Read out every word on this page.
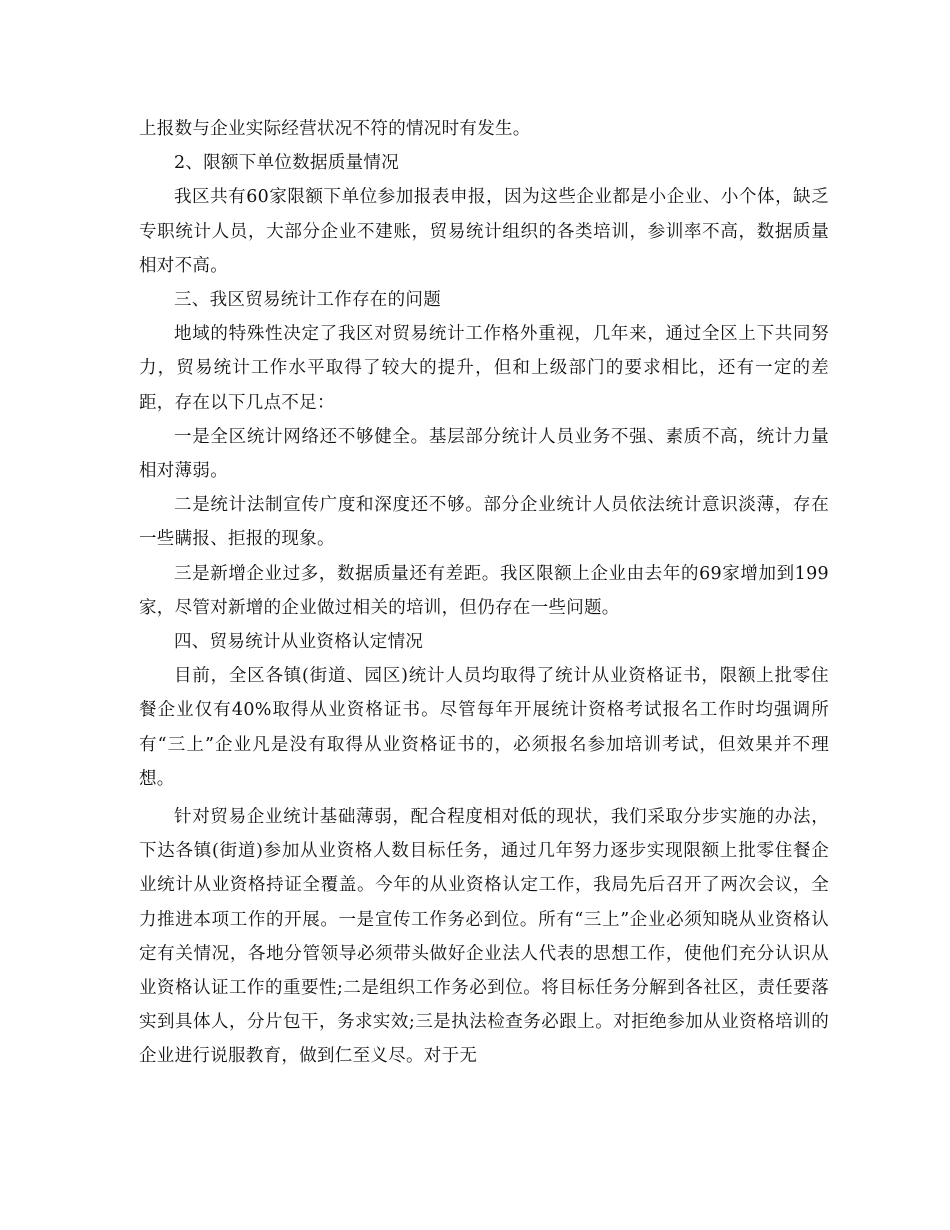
上报数与企业实际经营状况不符的情况时有发生。

2、限额下单位数据质量情况

我区共有60家限额下单位参加报表申报，因为这些企业都是小企业、小个体，缺乏专职统计人员，大部分企业不建账，贸易统计组织的各类培训，参训率不高，数据质量相对不高。

三、我区贸易统计工作存在的问题

地域的特殊性决定了我区对贸易统计工作格外重视，几年来，通过全区上下共同努力，贸易统计工作水平取得了较大的提升，但和上级部门的要求相比，还有一定的差距，存在以下几点不足：

一是全区统计网络还不够健全。基层部分统计人员业务不强、素质不高，统计力量相对薄弱。

二是统计法制宣传广度和深度还不够。部分企业统计人员依法统计意识淡薄，存在一些瞒报、拒报的现象。

三是新增企业过多，数据质量还有差距。我区限额上企业由去年的69家增加到199家，尽管对新增的企业做过相关的培训，但仍存在一些问题。

四、贸易统计从业资格认定情况

目前，全区各镇(街道、园区)统计人员均取得了统计从业资格证书，限额上批零住餐企业仅有40%取得从业资格证书。尽管每年开展统计资格考试报名工作时均强调所有“三上”企业凡是没有取得从业资格证书的，必须报名参加培训考试，但效果并不理想。

针对贸易企业统计基础薄弱，配合程度相对低的现状，我们采取分步实施的办法，下达各镇(街道)参加从业资格人数目标任务，通过几年努力逐步实现限额上批零住餐企业统计从业资格持证全覆盖。今年的从业资格认定工作，我局先后召开了两次会议，全力推进本项工作的开展。一是宣传工作务必到位。所有“三上”企业必须知晓从业资格认定有关情况，各地分管领导必须带头做好企业法人代表的思想工作，使他们充分认识从业资格认证工作的重要性;二是组织工作务必到位。将目标任务分解到各社区，责任要落实到具体人，分片包干，务求实效;三是执法检查务必跟上。对拒绝参加从业资格培训的企业进行说服教育，做到仁至义尽。对于无
